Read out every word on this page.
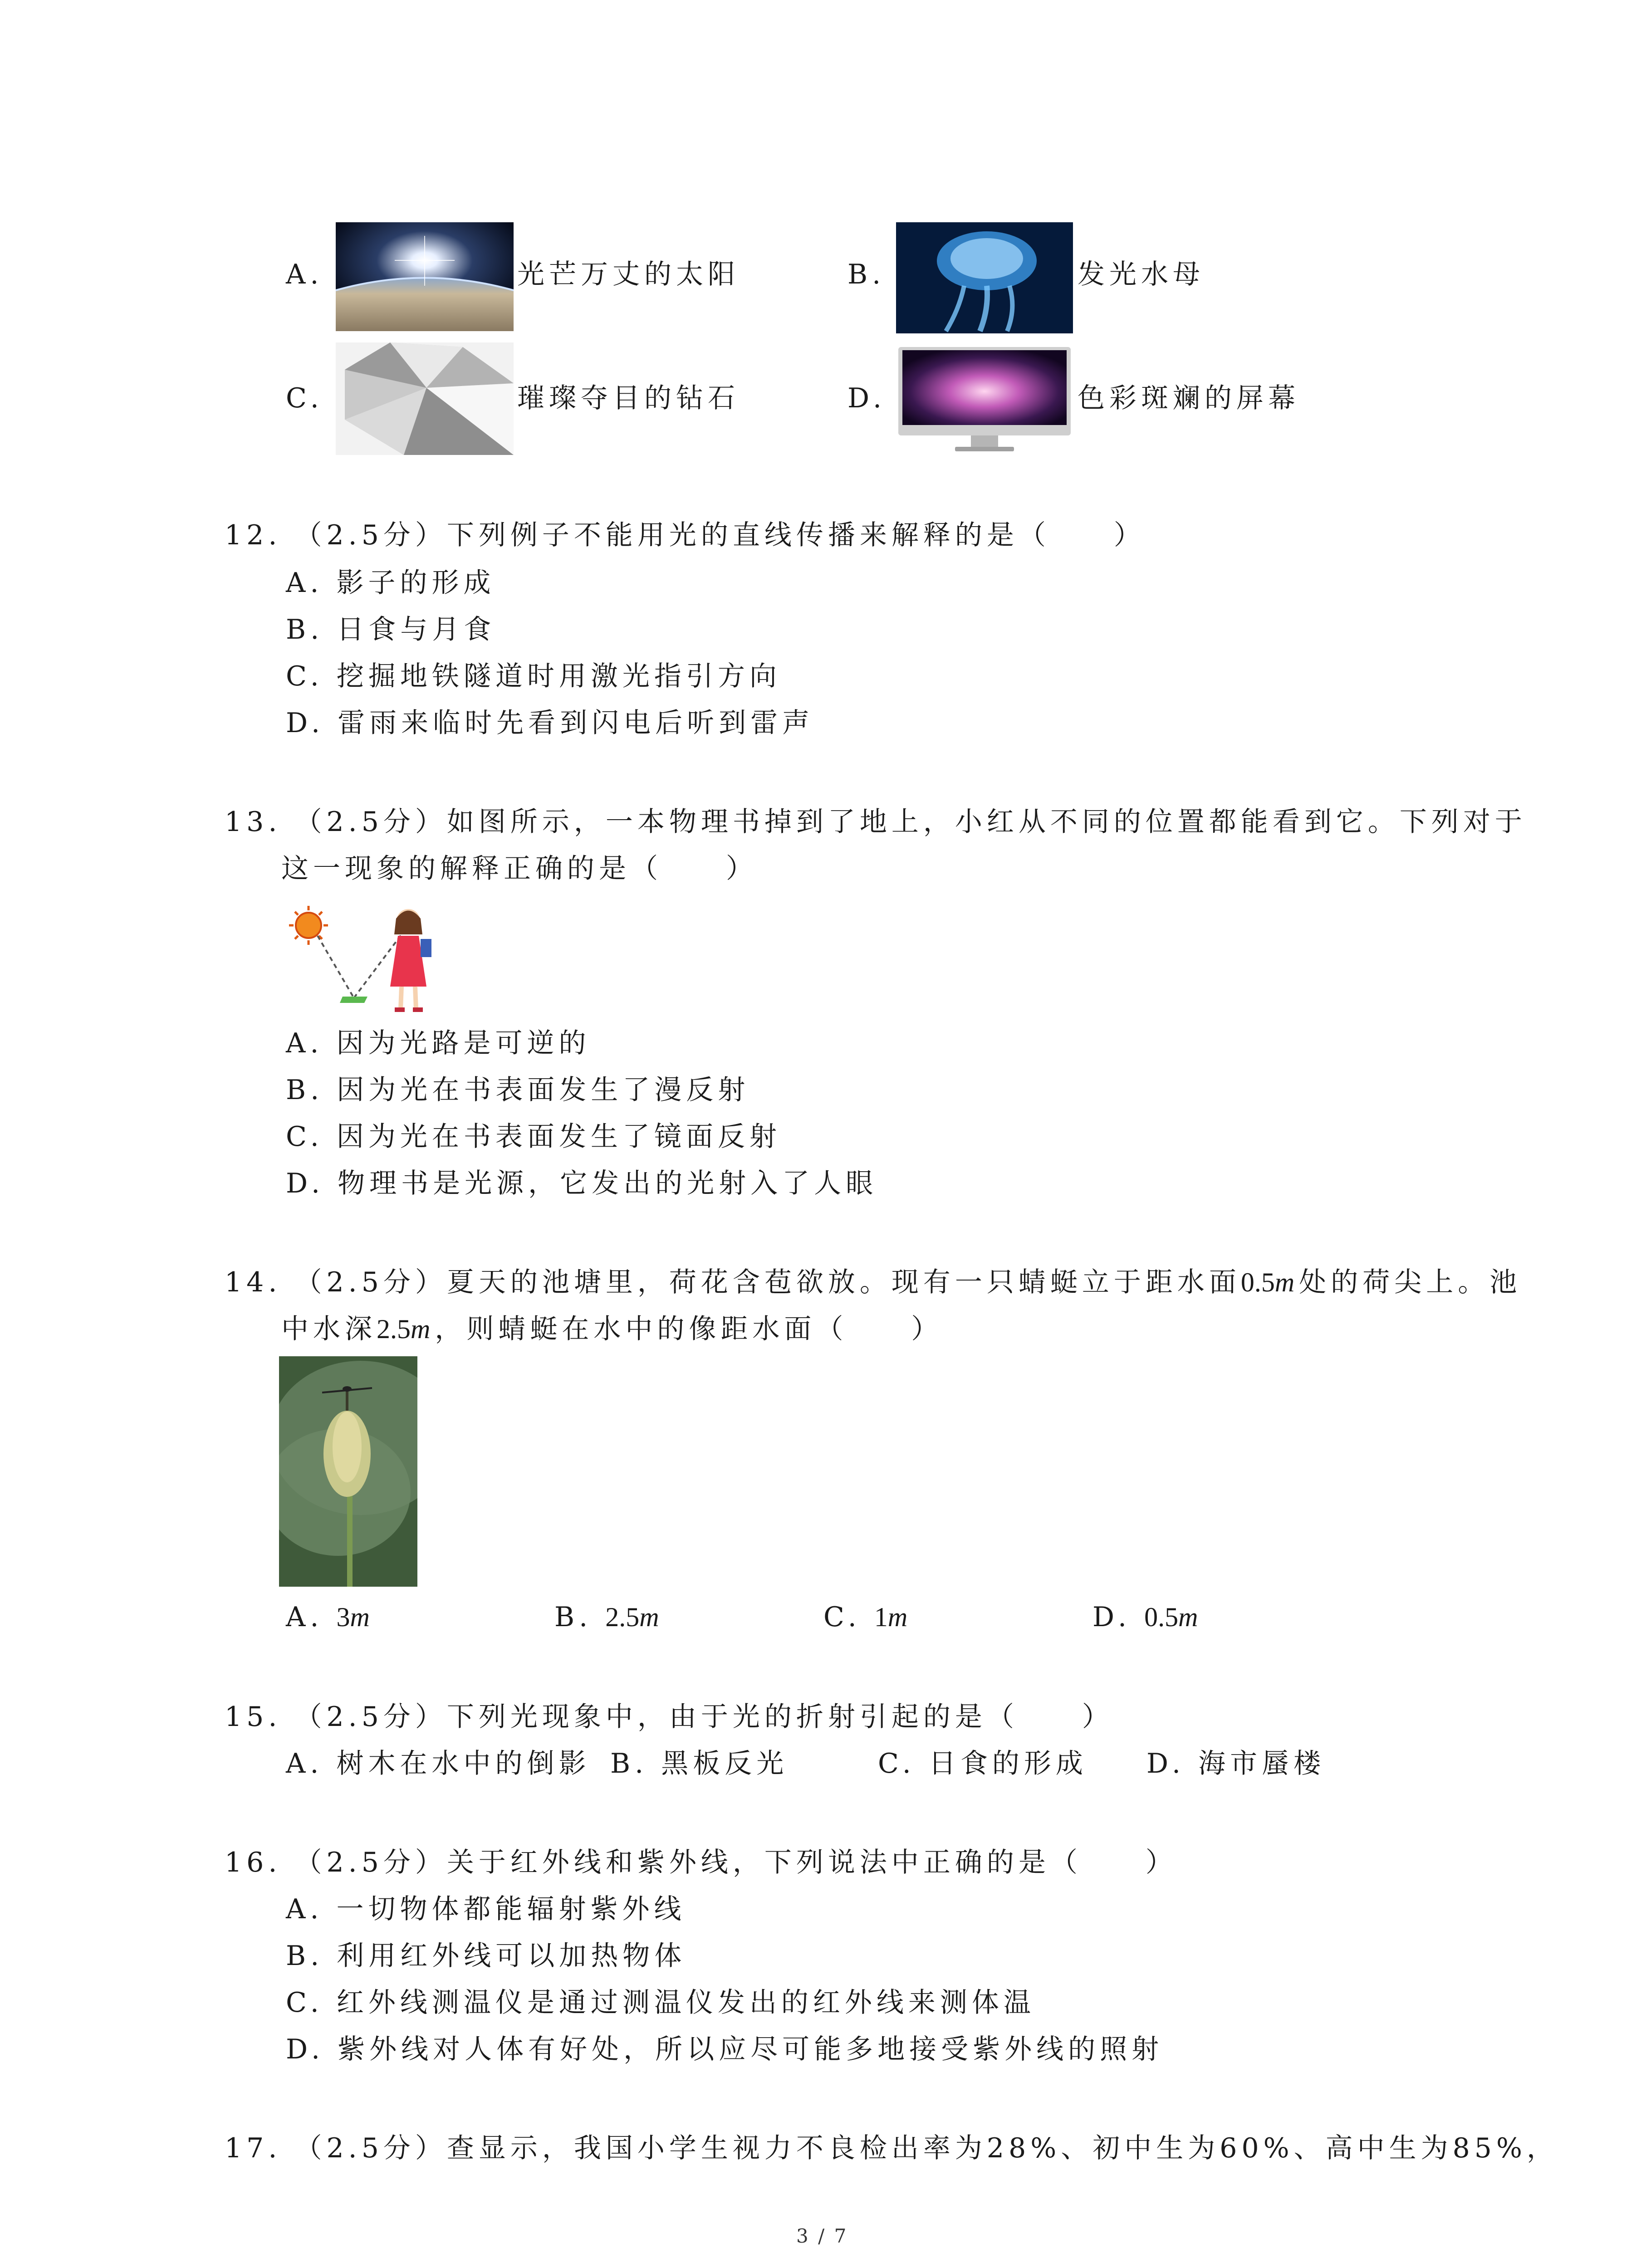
A.	光芒万丈的太阳	B.	发光水母
C.	璀璨夺目的钻石	D.	色彩斑斓的屏幕
12. （2.5分）下列例子不能用光的直线传播来解释的是（　　）
A. 影子的形成
B. 日食与月食
C. 挖掘地铁隧道时用激光指引方向
D. 雷雨来临时先看到闪电后听到雷声
13. （2.5分）如图所示，一本物理书掉到了地上，小红从不同的位置都能看到它。下列对于
这一现象的解释正确的是（　　）
A. 因为光路是可逆的
B. 因为光在书表面发生了漫反射
C. 因为光在书表面发生了镜面反射
D. 物理书是光源，它发出的光射入了人眼
14. （2.5分）夏天的池塘里，荷花含苞欲放。现有一只蜻蜓立于距水面0.5m处的荷尖上。池
中水深2.5m，则蜻蜓在水中的像距水面（　　）
A. 3m	B. 2.5m	C. 1m	D. 0.5m
15. （2.5分）下列光现象中，由于光的折射引起的是（　　）
A. 树木在水中的倒影 B. 黑板反光	C. 日食的形成 D. 海市蜃楼
16. （2.5分）关于红外线和紫外线，下列说法中正确的是（　　）
A. 一切物体都能辐射紫外线
B. 利用红外线可以加热物体
C. 红外线测温仪是通过测温仪发出的红外线来测体温
D. 紫外线对人体有好处，所以应尽可能多地接受紫外线的照射
17. （2.5分）查显示，我国小学生视力不良检出率为28%、初中生为60%、高中生为85%，
3 / 7
